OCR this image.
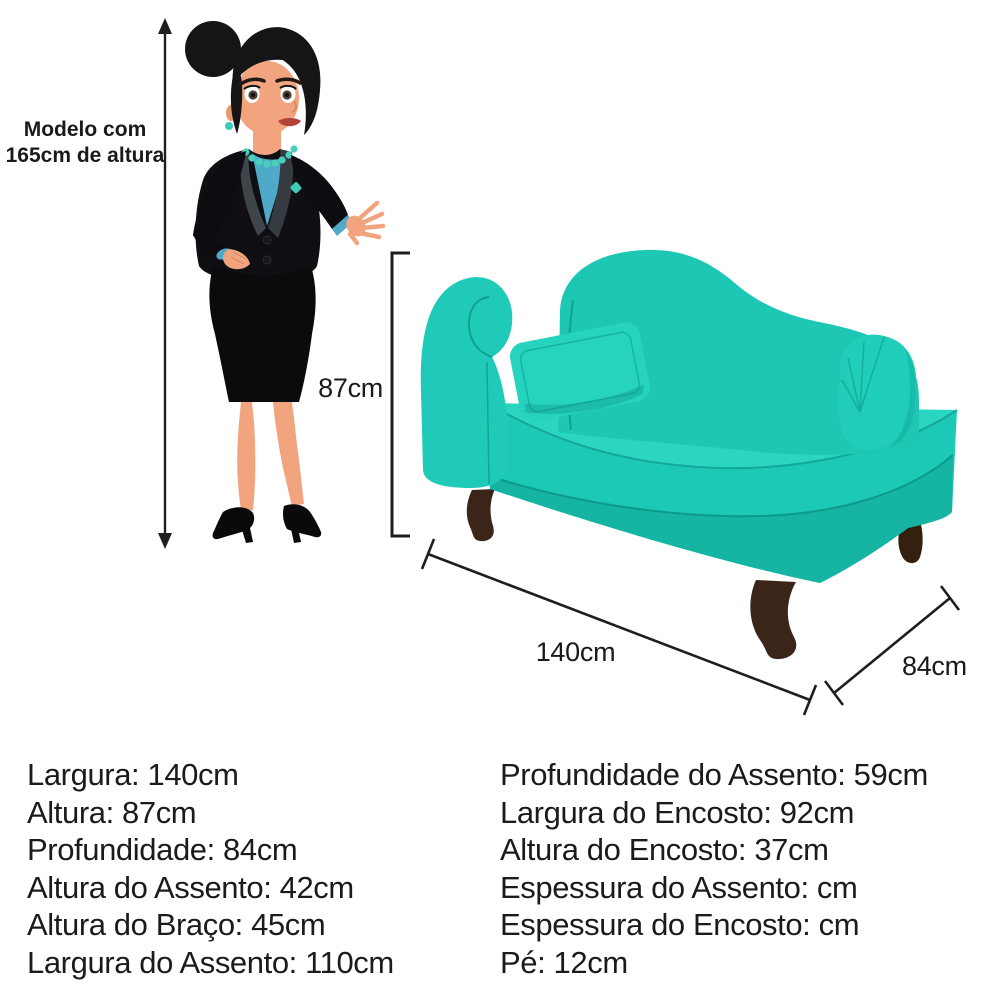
Modelo com
165cm de altura
87cm
140cm	84cm
Largura: 140cm
Altura: 87cm
Profundidade: 84cm
Altura do Assento: 42cm
Altura do Braço: 45cm
Largura do Assento: 110cm
Profundidade do Assento: 59cm
Largura do Encosto: 92cm
Altura do Encosto: 37cm
Espessura do Assento: cm
Espessura do Encosto: cm
Pé: 12cm
